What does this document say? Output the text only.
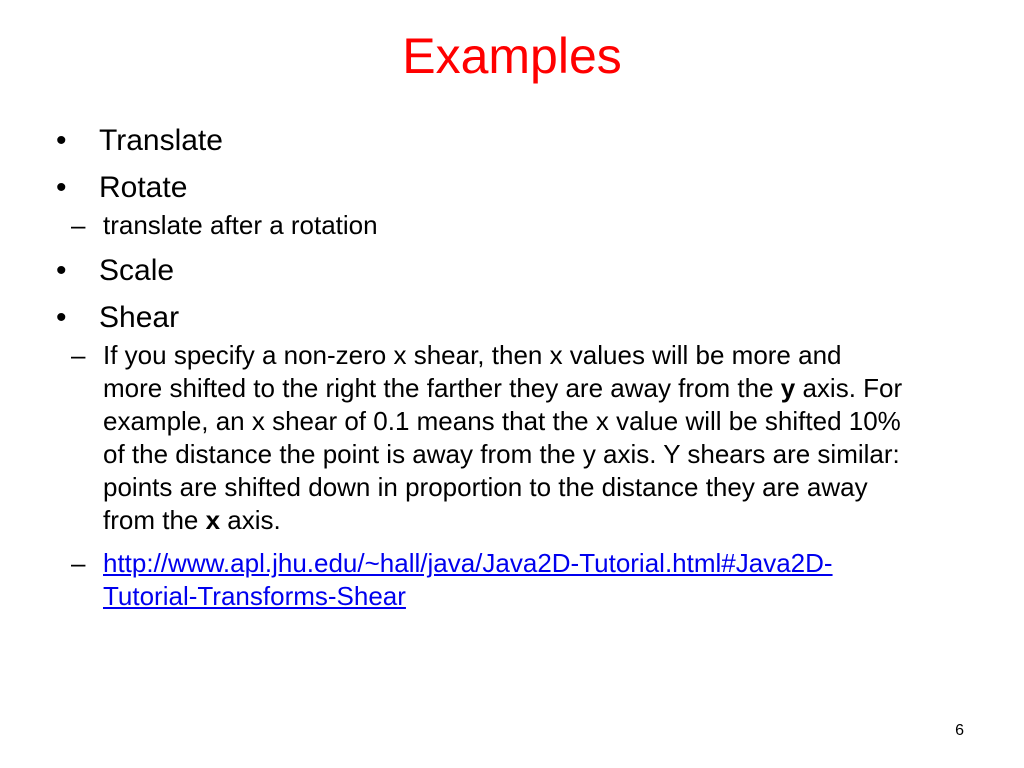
Examples
• Translate
• Rotate
– translate after a rotation
• Scale
• Shear
– If you specify a non-zero x shear, then x values will be more and more shifted to the right the farther they are away from the y axis. For example, an x shear of 0.1 means that the x value will be shifted 10% of the distance the point is away from the y axis. Y shears are similar: points are shifted down in proportion to the distance they are away from the x axis.
– http://www.apl.jhu.edu/~hall/java/Java2D-Tutorial.html#Java2D-Tutorial-Transforms-Shear
6
